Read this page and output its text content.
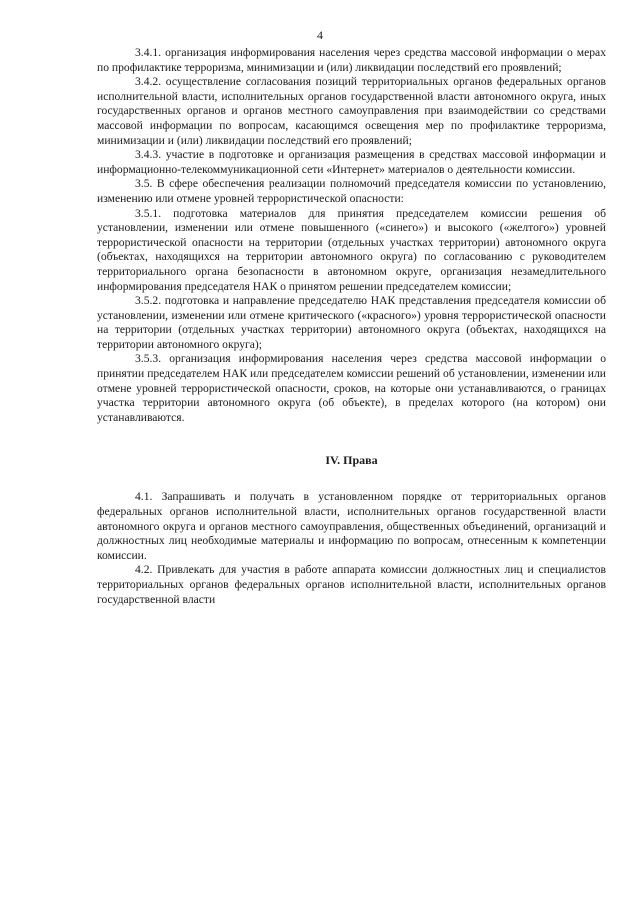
4

3.4.1. организация информирования населения через средства массовой информации о мерах по профилактике терроризма, минимизации и (или) ликвидации последствий его проявлений;

3.4.2. осуществление согласования позиций территориальных органов федеральных органов исполнительной власти, исполнительных органов государственной власти автономного округа, иных государственных органов и органов местного самоуправления при взаимодействии со средствами массовой информации по вопросам, касающимся освещения мер по профилактике терроризма, минимизации и (или) ликвидации последствий его проявлений;

3.4.3. участие в подготовке и организация размещения в средствах массовой информации и информационно-телекоммуникационной сети «Интернет» материалов о деятельности комиссии.

3.5. В сфере обеспечения реализации полномочий председателя комиссии по установлению, изменению или отмене уровней террористической опасности:

3.5.1. подготовка материалов для принятия председателем комиссии решения об установлении, изменении или отмене повышенного («синего») и высокого («желтого») уровней террористической опасности на территории (отдельных участках территории) автономного округа (объектах, находящихся на территории автономного округа) по согласованию с руководителем территориального органа безопасности в автономном округе, организация незамедлительного информирования председателя НАК о принятом решении председателем комиссии;

3.5.2. подготовка и направление председателю НАК представления председателя комиссии об установлении, изменении или отмене критического («красного») уровня террористической опасности на территории (отдельных участках территории) автономного округа (объектах, находящихся на территории автономного округа);

3.5.3. организация информирования населения через средства массовой информации о принятии председателем НАК или председателем комиссии решений об установлении, изменении или отмене уровней террористической опасности, сроков, на которые они устанавливаются, о границах участка территории автономного округа (об объекте), в пределах которого (на котором) они устанавливаются.

IV. Права

4.1. Запрашивать и получать в установленном порядке от территориальных органов федеральных органов исполнительной власти, исполнительных органов государственной власти автономного округа и органов местного самоуправления, общественных объединений, организаций и должностных лиц необходимые материалы и информацию по вопросам, отнесенным к компетенции комиссии.

4.2. Привлекать для участия в работе аппарата комиссии должностных лиц и специалистов территориальных органов федеральных органов исполнительной власти, исполнительных органов государственной власти
